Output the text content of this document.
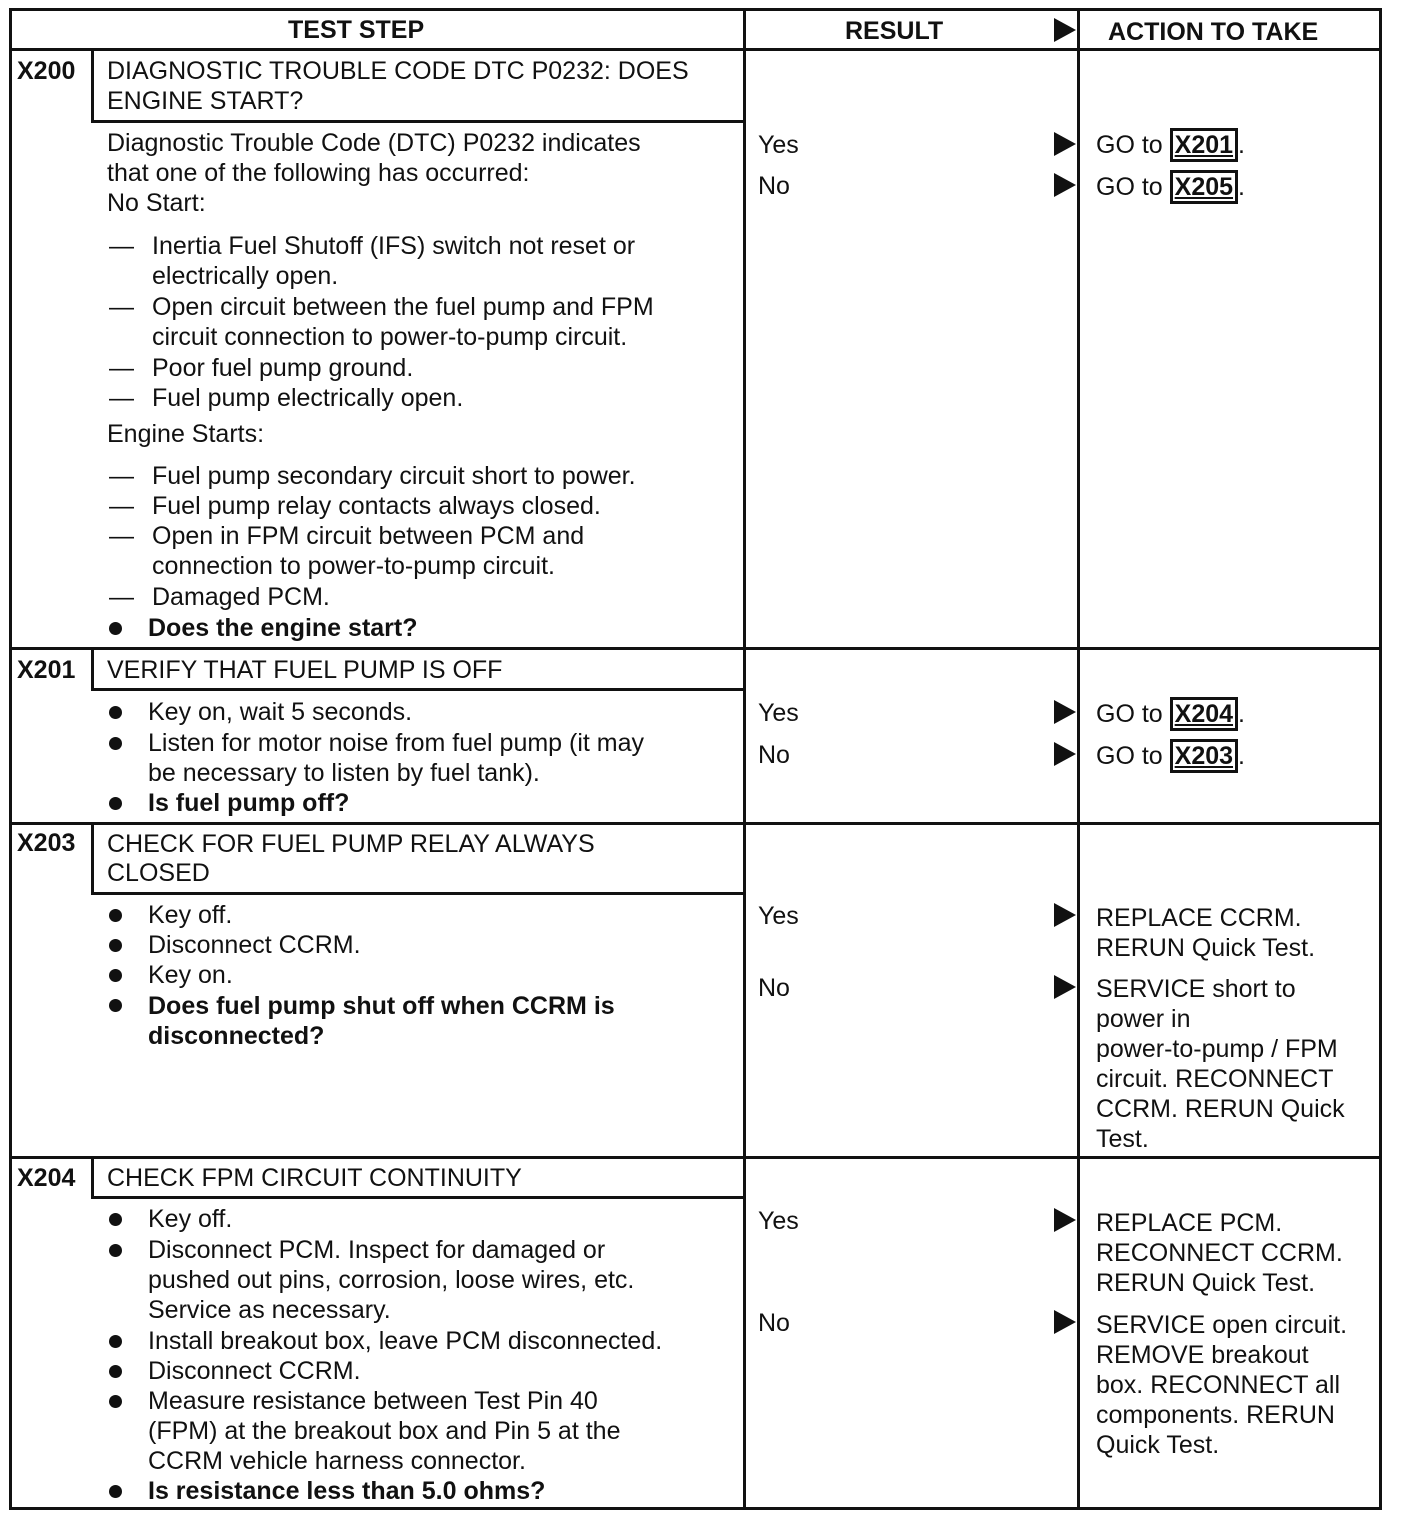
TEST STEP	RESULT	ACTION TO TAKE
X200 DIAGNOSTIC TROUBLE CODE DTC P0232: DOES
ENGINE START?
Diagnostic Trouble Code (DTC) P0232 indicates
that one of the following has occurred:
No Start:
— Inertia Fuel Shutoff (IFS) switch not reset or
electrically open.
— Open circuit between the fuel pump and FPM
circuit connection to power-to-pump circuit.
— Poor fuel pump ground.
— Fuel pump electrically open.
Engine Starts:
— Fuel pump secondary circuit short to power.
— Fuel pump relay contacts always closed.
— Open in FPM circuit between PCM and
connection to power-to-pump circuit.
— Damaged PCM.
Does the engine start?
Yes	GO to X201 .
No	GO to X205 .
X201 VERIFY THAT FUEL PUMP IS OFF
Key on, wait 5 seconds.
Listen for motor noise from fuel pump (it may
be necessary to listen by fuel tank).
Is fuel pump off?
Yes	GO to X204 .
No	GO to X203 .
X203 CHECK FOR FUEL PUMP RELAY ALWAYS
CLOSED
Key off.
Disconnect CCRM.
Key on.
Does fuel pump shut off when CCRM is
disconnected?
Yes	REPLACE CCRM.
RERUN Quick Test.
No	SERVICE short to
power in
power-to-pump / FPM
circuit. RECONNECT
CCRM. RERUN Quick
Test.
X204 CHECK FPM CIRCUIT CONTINUITY
Key off.
Disconnect PCM. Inspect for damaged or
pushed out pins, corrosion, loose wires, etc.
Service as necessary.
Install breakout box, leave PCM disconnected.
Disconnect CCRM.
Measure resistance between Test Pin 40
(FPM) at the breakout box and Pin 5 at the
CCRM vehicle harness connector.
Is resistance less than 5.0 ohms?
Yes	REPLACE PCM.
RECONNECT CCRM.
RERUN Quick Test.
No	SERVICE open circuit.
REMOVE breakout
box. RECONNECT all
components. RERUN
Quick Test.
